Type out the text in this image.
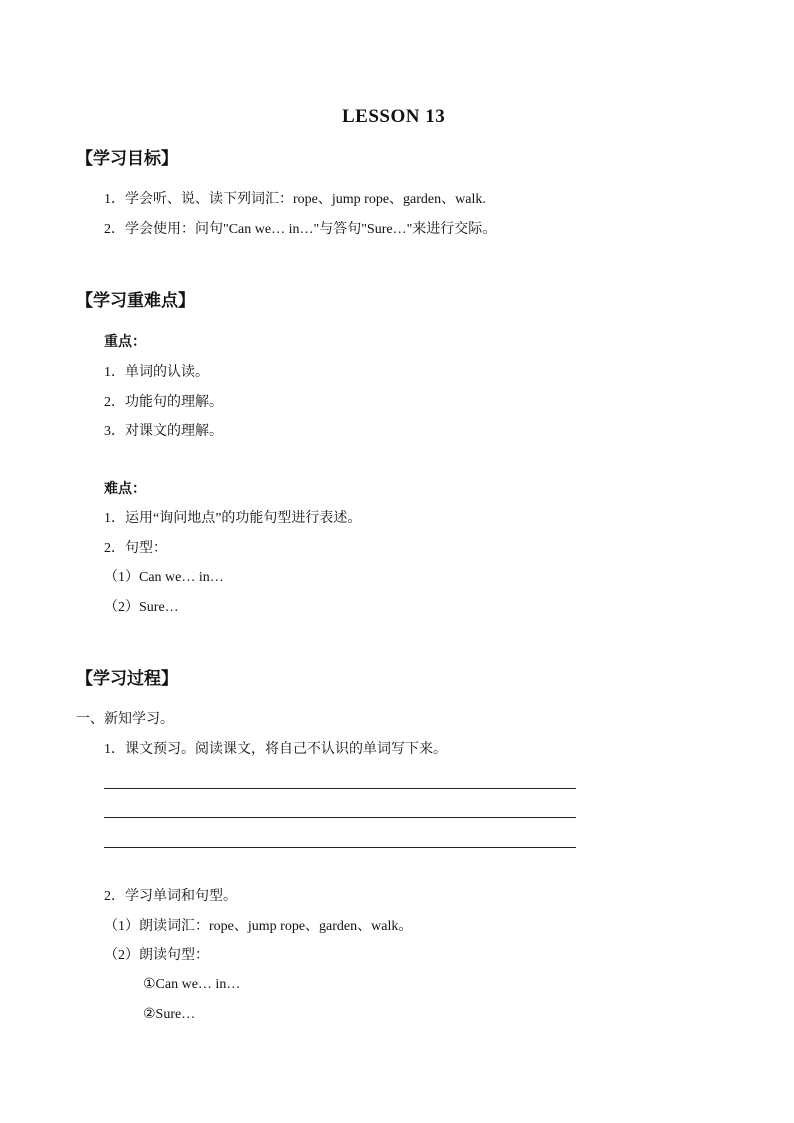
LESSON 13
【学习目标】
1．学会听、说、读下列词汇：rope、jump rope、garden、walk.
2．学会使用：问句"Can we… in…"与答句"Sure…"来进行交际。
【学习重难点】
重点：
1．单词的认读。
2．功能句的理解。
3．对课文的理解。
难点：
1．运用“询问地点”的功能句型进行表述。
2．句型：
（1）Can we… in…
（2）Sure…
【学习过程】
一、新知学习。
1．课文预习。阅读课文，将自己不认识的单词写下来。
2．学习单词和句型。
（1）朗读词汇：rope、jump rope、garden、walk。
（2）朗读句型：
①Can we… in…
②Sure…
